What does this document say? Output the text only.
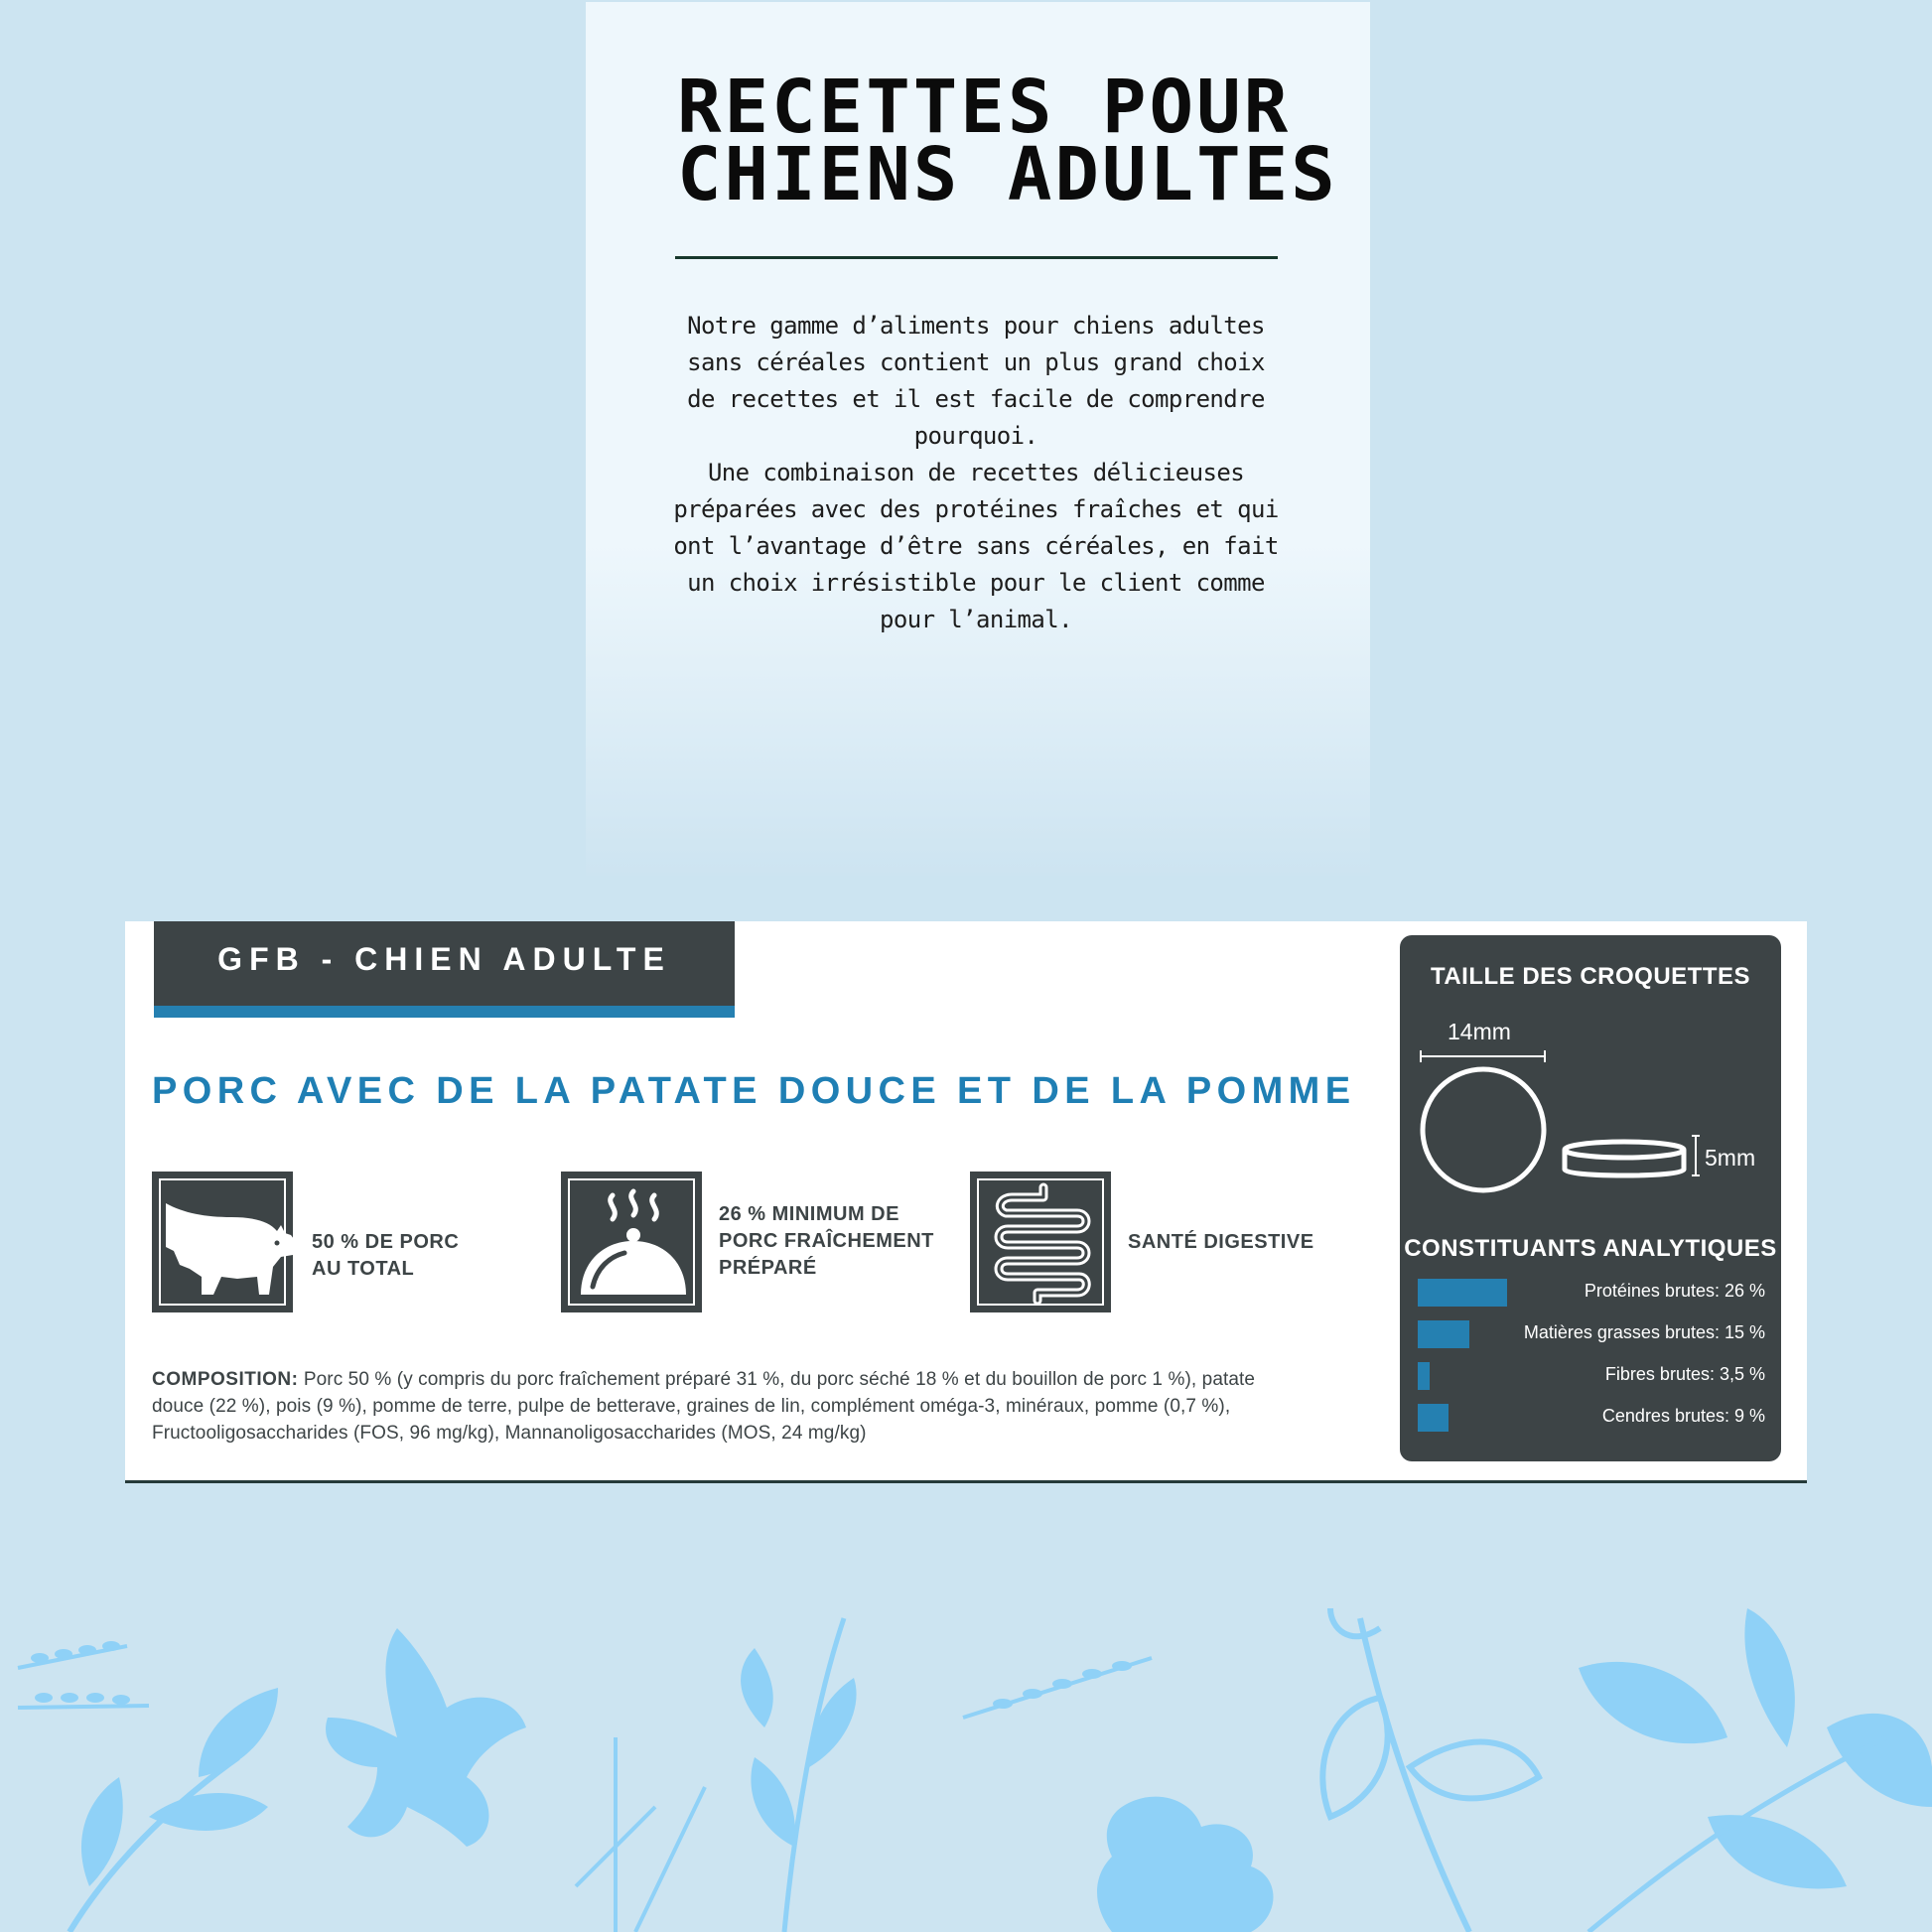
RECETTES POUR
CHIENS ADULTES

Notre gamme d’aliments pour chiens adultes sans céréales contient un plus grand choix de recettes et il est facile de comprendre pourquoi.

Une combinaison de recettes délicieuses préparées avec des protéines fraîches et qui ont l’avantage d’être sans céréales, en fait un choix irrésistible pour le client comme pour l’animal.

GFB - CHIEN ADULTE
PORC AVEC DE LA PATATE DOUCE ET DE LA POMME
50 % DE PORC
AU TOTAL
26 % MINIMUM DE
PORC FRAÎCHEMENT
PRÉPARÉ
SANTÉ DIGESTIVE

COMPOSITION: Porc 50 % (y compris du porc fraîchement préparé 31 %, du porc séché 18 % et du bouillon de porc 1 %), patate douce (22 %), pois (9 %), pomme de terre, pulpe de betterave, graines de lin, complément oméga-3, minéraux, pomme (0,7 %), Fructooligosaccharides (FOS, 96 mg/kg), Mannanoligosaccharides (MOS, 24 mg/kg)

TAILLE DES CROQUETTES
14mm
5mm
CONSTITUANTS ANALYTIQUES
Protéines brutes: 26 %
Matières grasses brutes: 15 %
Fibres brutes: 3,5 %
Cendres brutes: 9 %
